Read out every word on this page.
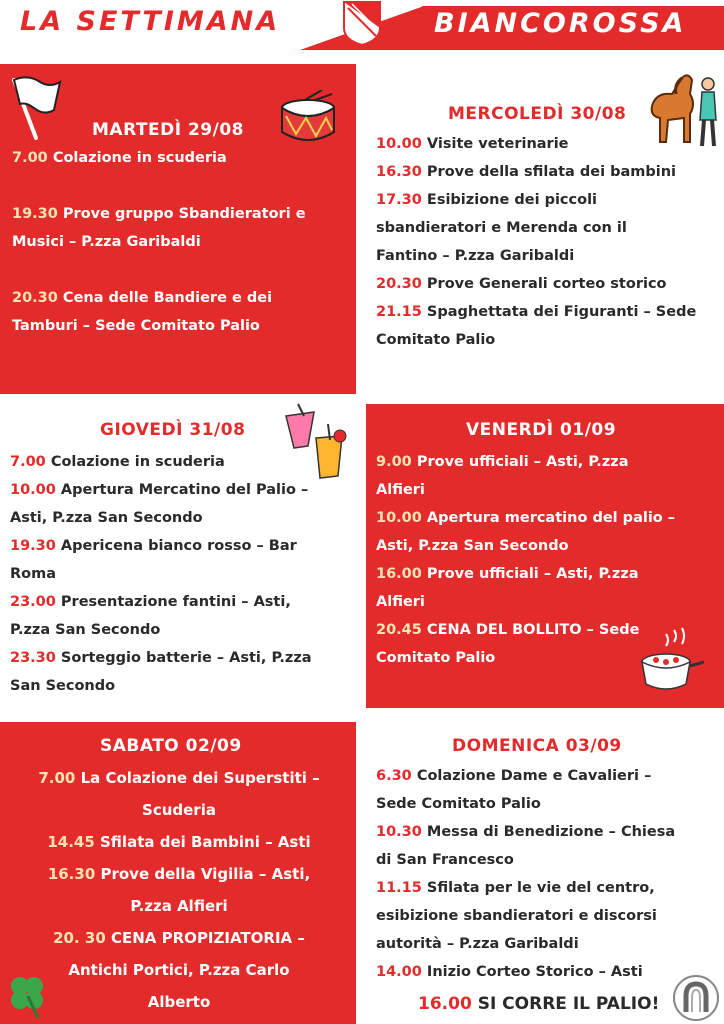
LA SETTIMANA	BIANCOROSSA
MARTEDÌ 29/08
7.00 Colazione in scuderia
19.30 Prove gruppo Sbandieratori e
Musici – P.zza Garibaldi
20.30 Cena delle Bandiere e dei
Tamburi – Sede Comitato Palio
MERCOLEDÌ 30/08
10.00 Visite veterinarie
16.30 Prove della sfilata dei bambini
17.30 Esibizione dei piccoli
sbandieratori e Merenda con il
Fantino – P.zza Garibaldi
20.30 Prove Generali corteo storico
21.15 Spaghettata dei Figuranti – Sede
Comitato Palio
GIOVEDÌ 31/08
7.00 Colazione in scuderia
10.00 Apertura Mercatino del Palio –
Asti, P.zza San Secondo
19.30 Apericena bianco rosso – Bar
Roma
23.00 Presentazione fantini – Asti,
P.zza San Secondo
23.30 Sorteggio batterie – Asti, P.zza
San Secondo
VENERDÌ 01/09
9.00 Prove ufficiali – Asti, P.zza
Alfieri
10.00 Apertura mercatino del palio –
Asti, P.zza San Secondo
16.00 Prove ufficiali – Asti, P.zza
Alfieri
20.45 CENA DEL BOLLITO – Sede
Comitato Palio
SABATO 02/09
7.00 La Colazione dei Superstiti –
Scuderia
14.45 Sfilata dei Bambini – Asti
16.30 Prove della Vigilia – Asti,
P.zza Alfieri
20. 30 CENA PROPIZIATORIA –
Antichi Portici, P.zza Carlo
Alberto
DOMENICA 03/09
6.30 Colazione Dame e Cavalieri –
Sede Comitato Palio
10.30 Messa di Benedizione – Chiesa
di San Francesco
11.15 Sfilata per le vie del centro,
esibizione sbandieratori e discorsi
autorità – P.zza Garibaldi
14.00 Inizio Corteo Storico – Asti
16.00 SI CORRE IL PALIO!
